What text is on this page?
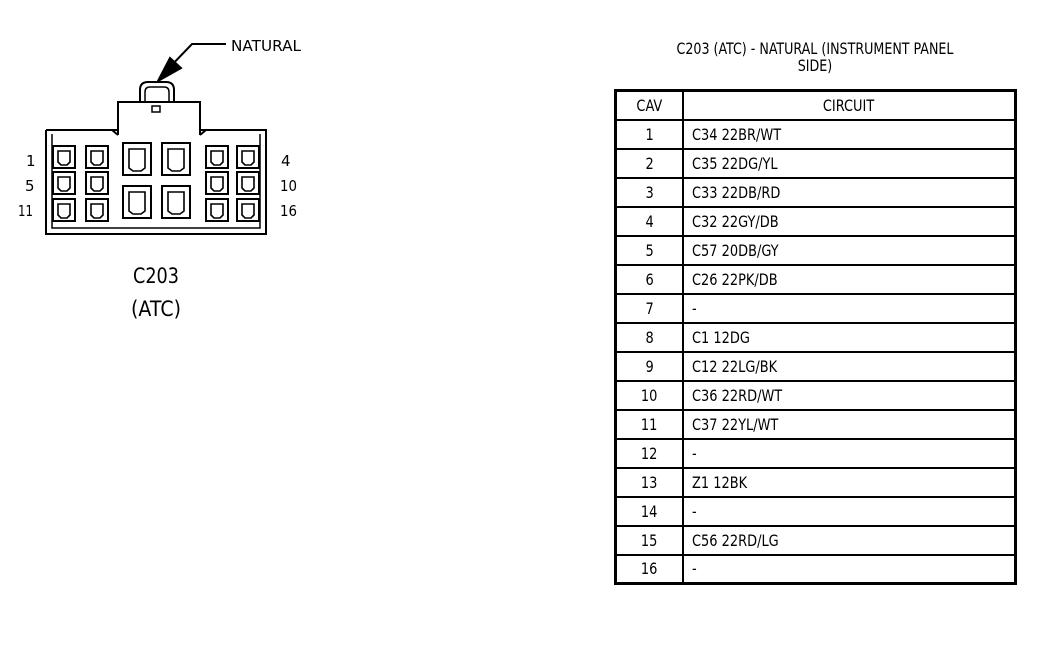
NATURAL
1	4
5	10
11	16
C203
(ATC)
C203 (ATC) - NATURAL (INSTRUMENT PANEL
SIDE)
CAV	CIRCUIT
1	C34 22BR/WT
2	C35 22DG/YL
3	C33 22DB/RD
4	C32 22GY/DB
5	C57 20DB/GY
6	C26 22PK/DB
7	-
8	C1 12DG
9	C12 22LG/BK
10	C36 22RD/WT
11	C37 22YL/WT
12	-
13	Z1 12BK
14	-
15	C56 22RD/LG
16	-
